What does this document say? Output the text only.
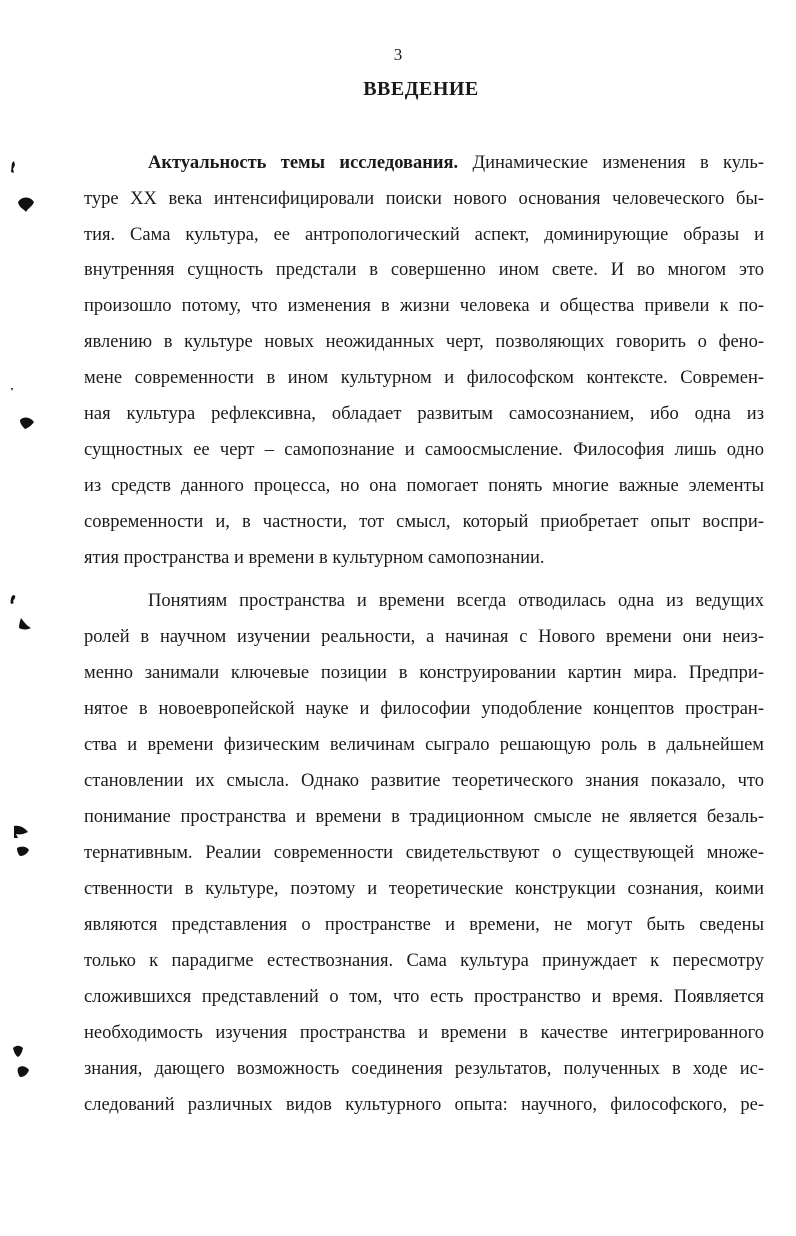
3
ВВЕДЕНИЕ
Актуальность темы исследования. Динамические изменения в куль-
туре XX века интенсифицировали поиски нового основания человеческого бы-
тия. Сама культура, ее антропологический аспект, доминирующие образы и
внутренняя сущность предстали в совершенно ином свете. И во многом это
произошло потому, что изменения в жизни человека и общества привели к по-
явлению в культуре новых неожиданных черт, позволяющих говорить о фено-
мене современности в ином культурном и философском контексте. Современ-
ная культура рефлексивна, обладает развитым самосознанием, ибо одна из
сущностных ее черт – самопознание и самоосмысление. Философия лишь одно
из средств данного процесса, но она помогает понять многие важные элементы
современности и, в частности, тот смысл, который приобретает опыт воспри-
ятия пространства и времени в культурном самопознании.
Понятиям пространства и времени всегда отводилась одна из ведущих
ролей в научном изучении реальности, а начиная с Нового времени они неиз-
менно занимали ключевые позиции в конструировании картин мира. Предпри-
нятое в новоевропейской науке и философии уподобление концептов простран-
ства и времени физическим величинам сыграло решающую роль в дальнейшем
становлении их смысла. Однако развитие теоретического знания показало, что
понимание пространства и времени в традиционном смысле не является безаль-
тернативным. Реалии современности свидетельствуют о существующей множе-
ственности в культуре, поэтому и теоретические конструкции сознания, коими
являются представления о пространстве и времени, не могут быть сведены
только к парадигме естествознания. Сама культура принуждает к пересмотру
сложившихся представлений о том, что есть пространство и время. Появляется
необходимость изучения пространства и времени в качестве интегрированного
знания, дающего возможность соединения результатов, полученных в ходе ис-
следований различных видов культурного опыта: научного, философского, ре-
